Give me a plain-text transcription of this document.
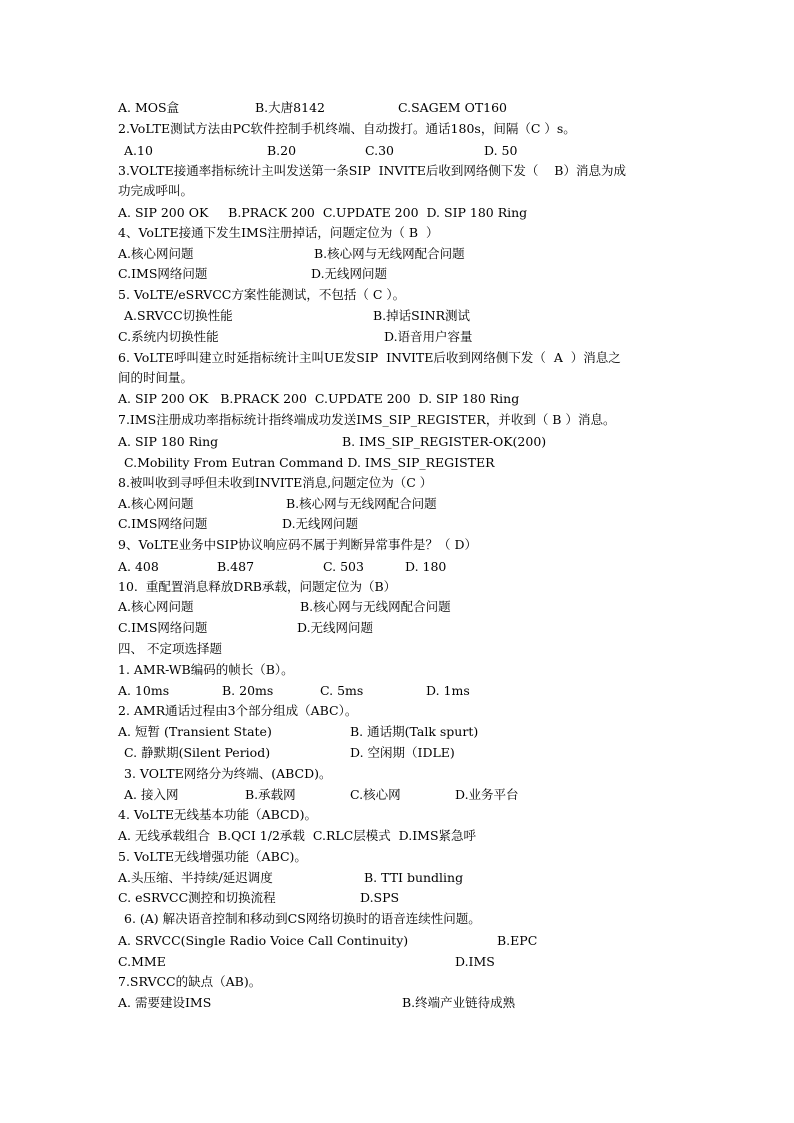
A. MOS盒	B.大唐8142	C.SAGEM OT160
2.VoLTE测试方法由PC软件控制手机终端、自动拨打。通话180s，间隔（C ）s。
A.10	B.20	C.30	D. 50
3.VOLTE接通率指标统计主叫发送第一条SIP  INVITE后收到网络侧下发（    B）消息为成
功完成呼叫。
A. SIP 200 OK     B.PRACK 200  C.UPDATE 200  D. SIP 180 Ring
4、VoLTE接通下发生IMS注册掉话，问题定位为（ B  ）
A.核心网问题	B.核心网与无线网配合问题
C.IMS网络问题	D.无线网问题
5. VoLTE/eSRVCC方案性能测试，不包括（ C ）。
A.SRVCC切换性能	B.掉话SINR测试
C.系统内切换性能	D.语音用户容量
6. VoLTE呼叫建立时延指标统计主叫UE发SIP  INVITE后收到网络侧下发（  A  ）消息之
间的时间量。
A. SIP 200 OK   B.PRACK 200  C.UPDATE 200  D. SIP 180 Ring
7.IMS注册成功率指标统计指终端成功发送IMS_SIP_REGISTER，并收到（ B ）消息。
A. SIP 180 Ring	B. IMS_SIP_REGISTER-OK(200)
C.Mobility From Eutran Command D. IMS_SIP_REGISTER
8.被叫收到寻呼但未收到INVITE消息,问题定位为（C ）
A.核心网问题	B.核心网与无线网配合问题
C.IMS网络问题	D.无线网问题
9、VoLTE业务中SIP协议响应码不属于判断异常事件是？（ D）
A. 408	B.487	C. 503	D. 180
10.  重配置消息释放DRB承载，问题定位为（B）
A.核心网问题	B.核心网与无线网配合问题
C.IMS网络问题	D.无线网问题
四、 不定项选择题
1. AMR-WB编码的帧长（B）。
A. 10ms	B. 20ms	C. 5ms	D. 1ms
2. AMR通话过程由3个部分组成（ABC）。
A. 短暂 (Transient State)	B. 通话期(Talk spurt)
C. 静默期(Silent Period)	D. 空闲期（IDLE)
3. VOLTE网络分为终端、(ABCD)。
A. 接入网	B.承载网	C.核心网	D.业务平台
4. VoLTE无线基本功能（ABCD)。
A. 无线承载组合  B.QCI 1/2承载  C.RLC层模式  D.IMS紧急呼
5. VoLTE无线增强功能（ABC)。
A.头压缩、半持续/延迟调度	B. TTI bundling
C. eSRVCC测控和切换流程	D.SPS
6. (A) 解决语音控制和移动到CS网络切换时的语音连续性问题。
A. SRVCC(Single Radio Voice Call Continuity)	B.EPC
C.MME	D.IMS
7.SRVCC的缺点（AB)。
A. 需要建设IMS	B.终端产业链待成熟
